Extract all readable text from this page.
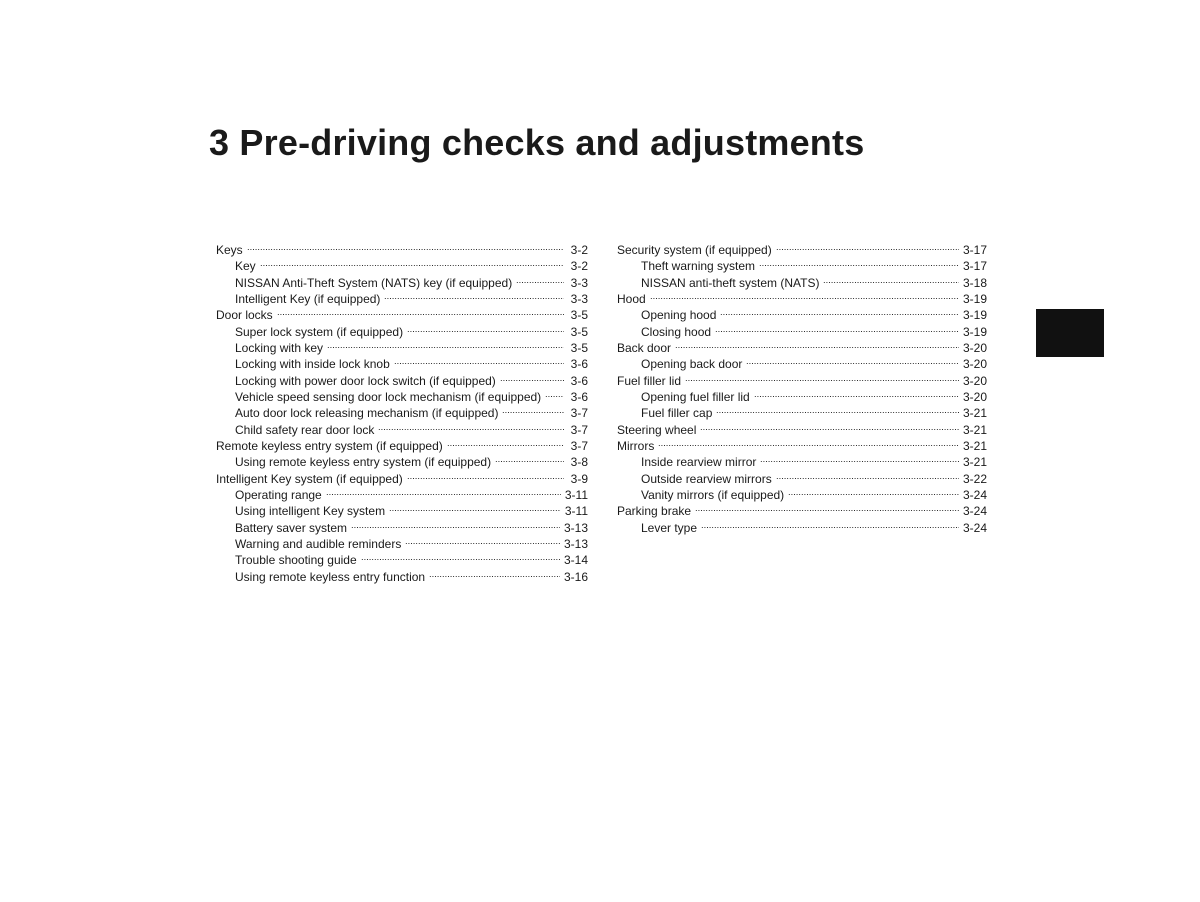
3 Pre-driving checks and adjustments
Keys	3-2
Key	3-2
NISSAN Anti-Theft System (NATS) key (if equipped)	3-3
Intelligent Key (if equipped)	3-3
Door locks	3-5
Super lock system (if equipped)	3-5
Locking with key	3-5
Locking with inside lock knob	3-6
Locking with power door lock switch (if equipped)	3-6
Vehicle speed sensing door lock mechanism (if equipped) 3-6
Auto door lock releasing mechanism (if equipped)	3-7
Child safety rear door lock	3-7
Remote keyless entry system (if equipped)	3-7
Using remote keyless entry system (if equipped)	3-8
Intelligent Key system (if equipped)	3-9
Operating range	3-11
Using intelligent Key system	3-11
Battery saver system	3-13
Warning and audible reminders	3-13
Trouble shooting guide	3-14
Using remote keyless entry function	3-16
Security system (if equipped)	3-17
Theft warning system	3-17
NISSAN anti-theft system (NATS)	3-18
Hood	3-19
Opening hood	3-19
Closing hood	3-19
Back door	3-20
Opening back door	3-20
Fuel filler lid	3-20
Opening fuel filler lid	3-20
Fuel filler cap	3-21
Steering wheel	3-21
Mirrors	3-21
Inside rearview mirror	3-21
Outside rearview mirrors	3-22
Vanity mirrors (if equipped)	3-24
Parking brake	3-24
Lever type	3-24
